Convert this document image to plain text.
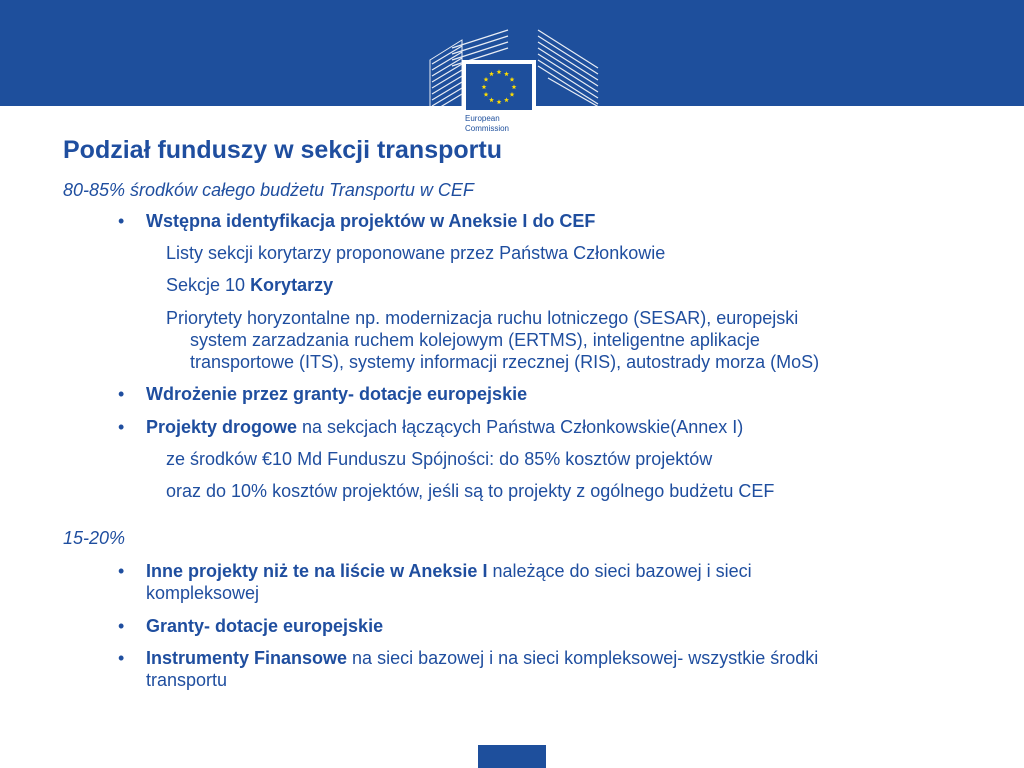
European
Commission
Podział funduszy w sekcji transportu
80-85% środków całego budżetu Transportu w CEF
• Wstępna identyfikacja projektów w Aneksie I do CEF
Listy sekcji korytarzy proponowane przez Państwa Członkowie
Sekcje 10 Korytarzy
Priorytety horyzontalne np. modernizacja ruchu lotniczego (SESAR), europejski
system zarzadzania ruchem kolejowym (ERTMS), inteligentne aplikacje
transportowe (ITS), systemy informacji rzecznej (RIS), autostrady morza (MoS)
• Wdrożenie przez granty- dotacje europejskie
• Projekty drogowe na sekcjach łączących Państwa Członkowskie(Annex I)
ze środków €10 Md Funduszu Spójności: do 85% kosztów projektów
oraz do 10% kosztów projektów, jeśli są to projekty z ogólnego budżetu CEF
15-20%
• Inne projekty niż te na liście w Aneksie I należące do sieci bazowej i sieci
kompleksowej
• Granty- dotacje europejskie
• Instrumenty Finansowe na sieci bazowej i na sieci kompleksowej- wszystkie środki
transportu
